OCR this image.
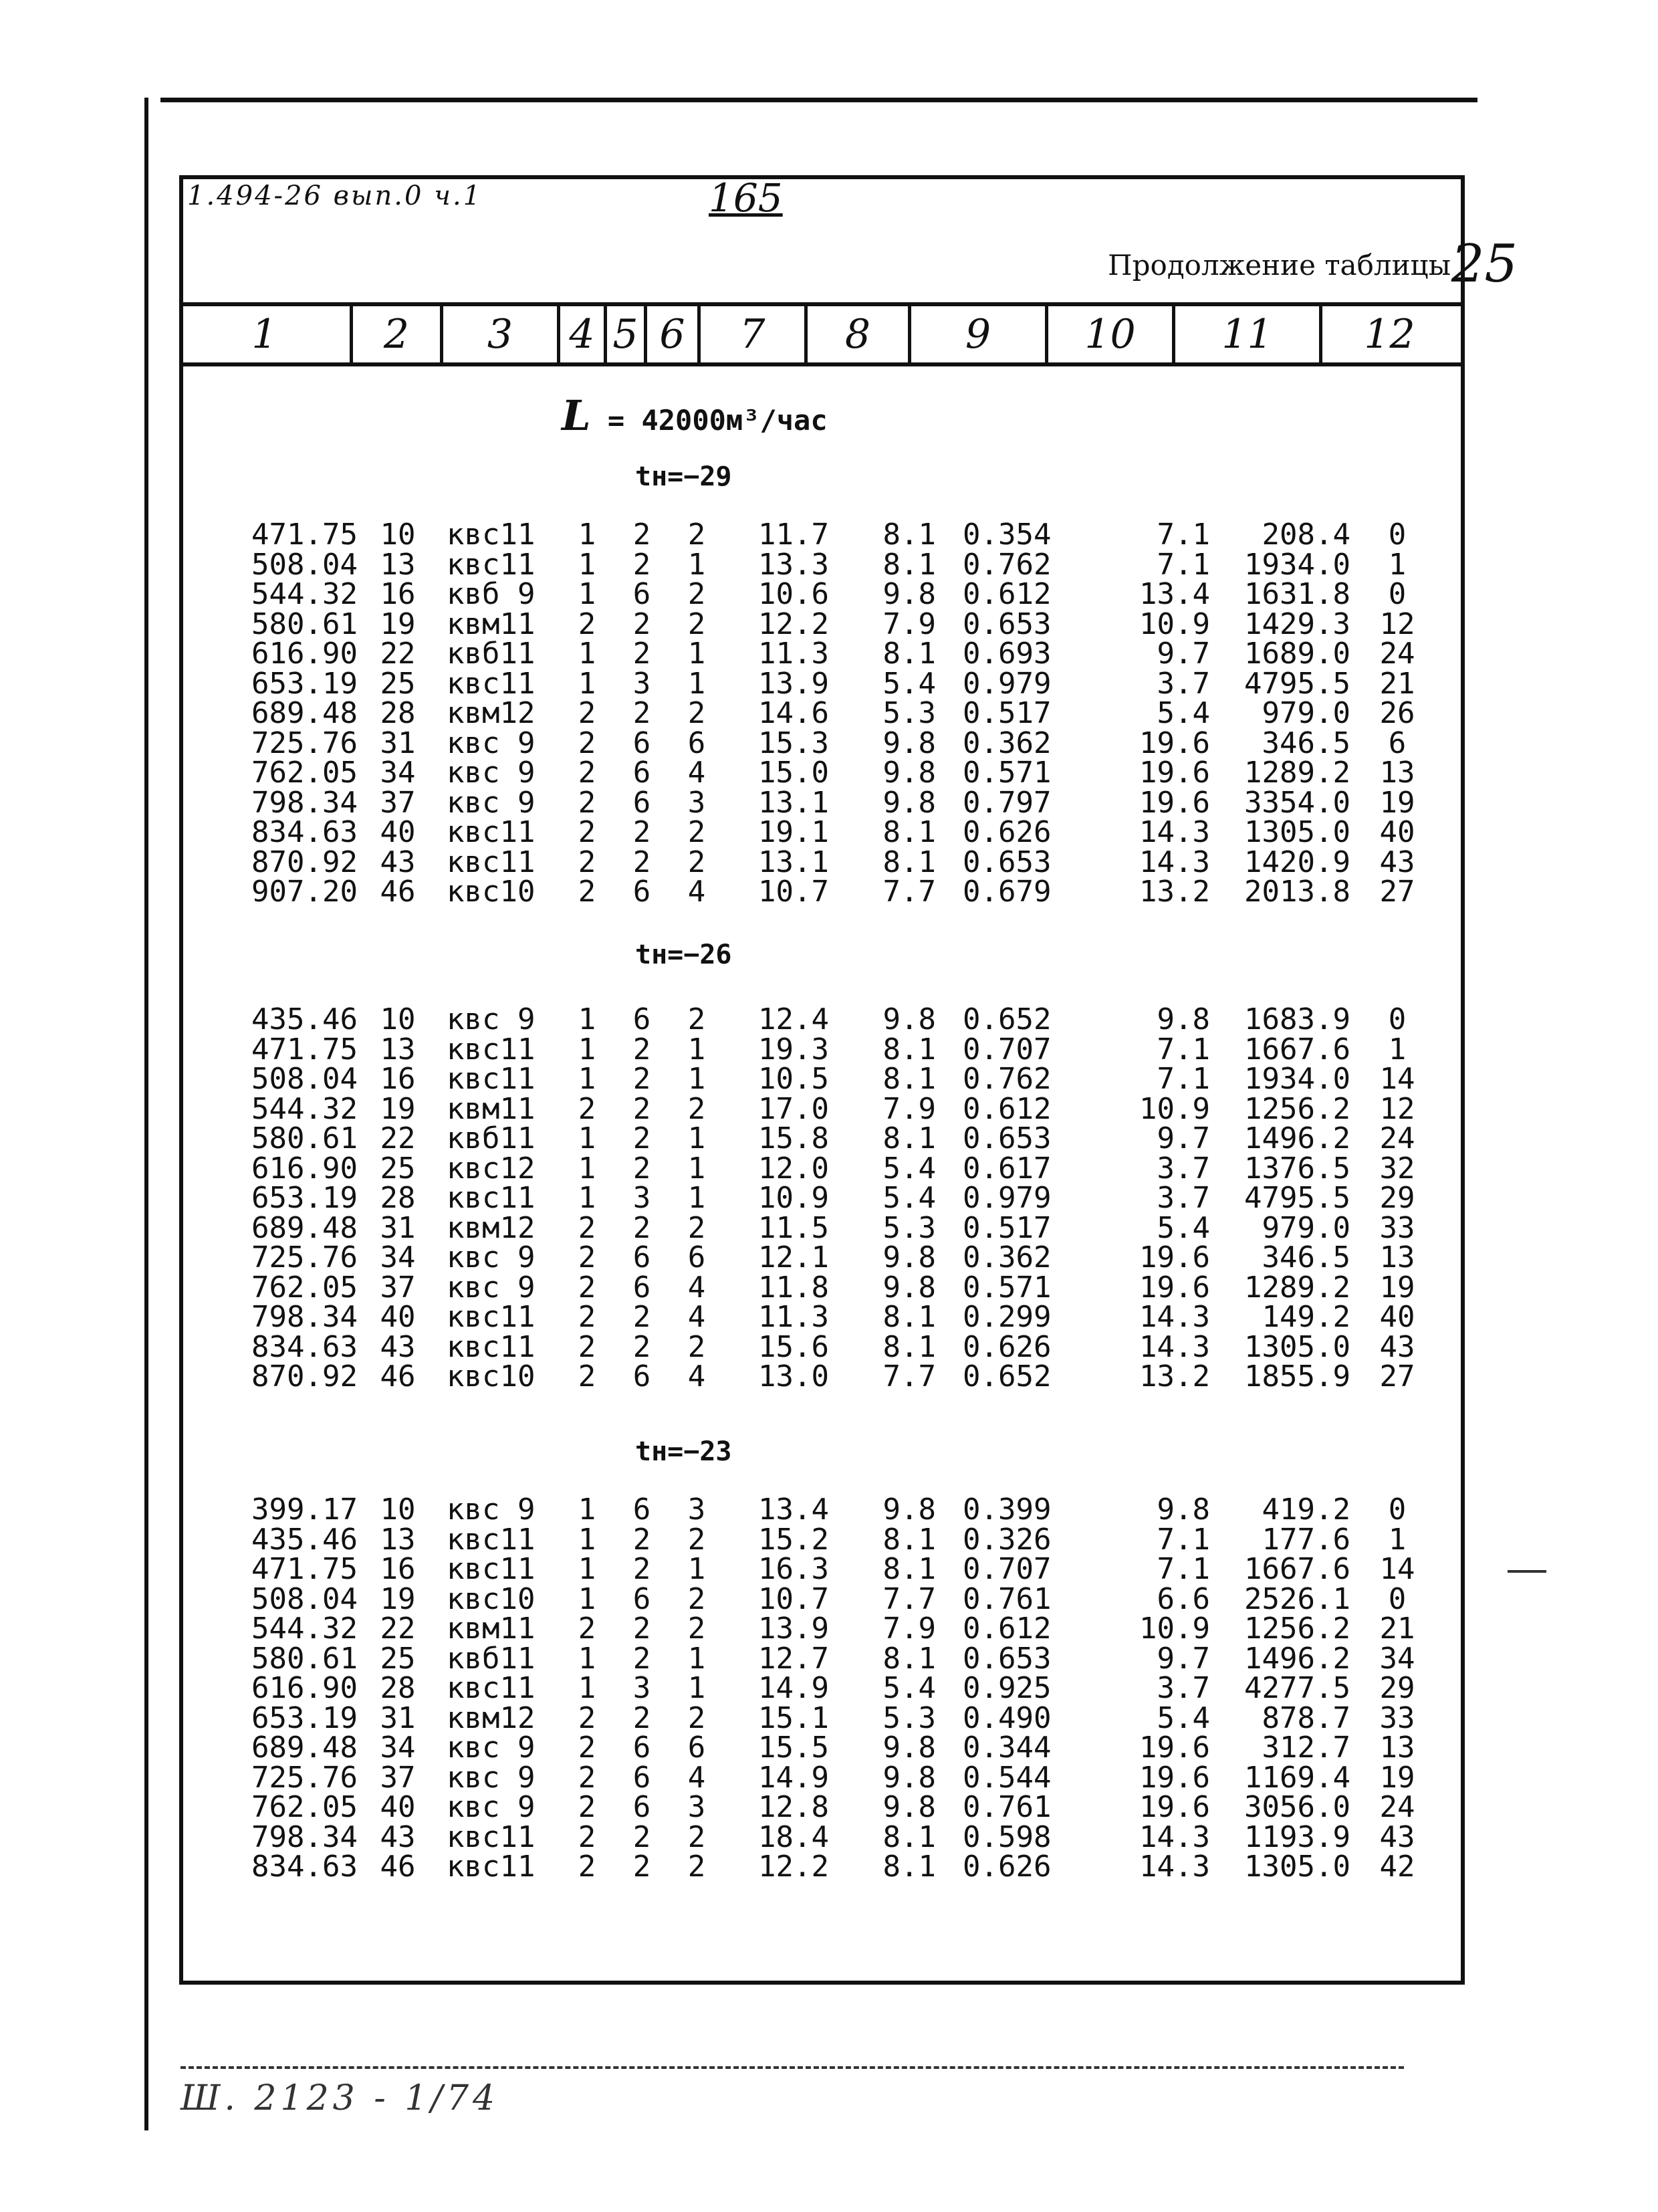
1.494-26 вып.0 ч.1	165
Продолжение таблицы 25
1	2	3	4 5 6	7	8	9	10	11	12
L = 42000м³/час
tн=−29
471.75 10 квс11	1	2	2	11.7	8.1 0.354	7.1	208.4	0
508.04 13 квс11	1	2	1	13.3	8.1 0.762	7.1	1934.0	1
544.32 16 квб 9	1	6	2	10.6	9.8 0.612	13.4	1631.8	0
580.61 19 квм11	2	2	2	12.2	7.9 0.653	10.9	1429.3 12
616.90 22 квб11	1	2	1	11.3	8.1 0.693	9.7	1689.0 24
653.19 25 квс11	1	3	1	13.9	5.4 0.979	3.7	4795.5 21
689.48 28 квм12	2	2	2	14.6	5.3 0.517	5.4	979.0 26
725.76 31 квс 9	2	6	6	15.3	9.8 0.362	19.6	346.5	6
762.05 34 квс 9	2	6	4	15.0	9.8 0.571	19.6	1289.2 13
798.34 37 квс 9	2	6	3	13.1	9.8 0.797	19.6	3354.0 19
834.63 40 квс11	2	2	2	19.1	8.1 0.626	14.3	1305.0 40
870.92 43 квс11	2	2	2	13.1	8.1 0.653	14.3	1420.9 43
907.20 46 квс10	2	6	4	10.7	7.7 0.679	13.2	2013.8 27
tн=−26
435.46 10 квс 9	1	6	2	12.4	9.8 0.652	9.8	1683.9	0
471.75 13 квс11	1	2	1	19.3	8.1 0.707	7.1	1667.6	1
508.04 16 квс11	1	2	1	10.5	8.1 0.762	7.1	1934.0 14
544.32 19 квм11	2	2	2	17.0	7.9 0.612	10.9	1256.2 12
580.61 22 квб11	1	2	1	15.8	8.1 0.653	9.7	1496.2 24
616.90 25 квс12	1	2	1	12.0	5.4 0.617	3.7	1376.5 32
653.19 28 квс11	1	3	1	10.9	5.4 0.979	3.7	4795.5 29
689.48 31 квм12	2	2	2	11.5	5.3 0.517	5.4	979.0 33
725.76 34 квс 9	2	6	6	12.1	9.8 0.362	19.6	346.5 13
762.05 37 квс 9	2	6	4	11.8	9.8 0.571	19.6	1289.2 19
798.34 40 квс11	2	2	4	11.3	8.1 0.299	14.3	149.2 40
834.63 43 квс11	2	2	2	15.6	8.1 0.626	14.3	1305.0 43
870.92 46 квс10	2	6	4	13.0	7.7 0.652	13.2	1855.9 27
tн=−23
399.17 10 квс 9	1	6	3	13.4	9.8 0.399	9.8	419.2	0
435.46 13 квс11	1	2	2	15.2	8.1 0.326	7.1	177.6	1
471.75 16 квс11	1	2	1	16.3	8.1 0.707	7.1	1667.6 14
508.04 19 квс10	1	6	2	10.7	7.7 0.761	6.6	2526.1	0
544.32 22 квм11	2	2	2	13.9	7.9 0.612	10.9	1256.2 21
580.61 25 квб11	1	2	1	12.7	8.1 0.653	9.7	1496.2 34
616.90 28 квс11	1	3	1	14.9	5.4 0.925	3.7	4277.5 29
653.19 31 квм12	2	2	2	15.1	5.3 0.490	5.4	878.7 33
689.48 34 квс 9	2	6	6	15.5	9.8 0.344	19.6	312.7 13
725.76 37 квс 9	2	6	4	14.9	9.8 0.544	19.6	1169.4 19
762.05 40 квс 9	2	6	3	12.8	9.8 0.761	19.6	3056.0 24
798.34 43 квс11	2	2	2	18.4	8.1 0.598	14.3	1193.9 43
834.63 46 квс11	2	2	2	12.2	8.1 0.626	14.3	1305.0 42
Ш. 2123 - 1/74
